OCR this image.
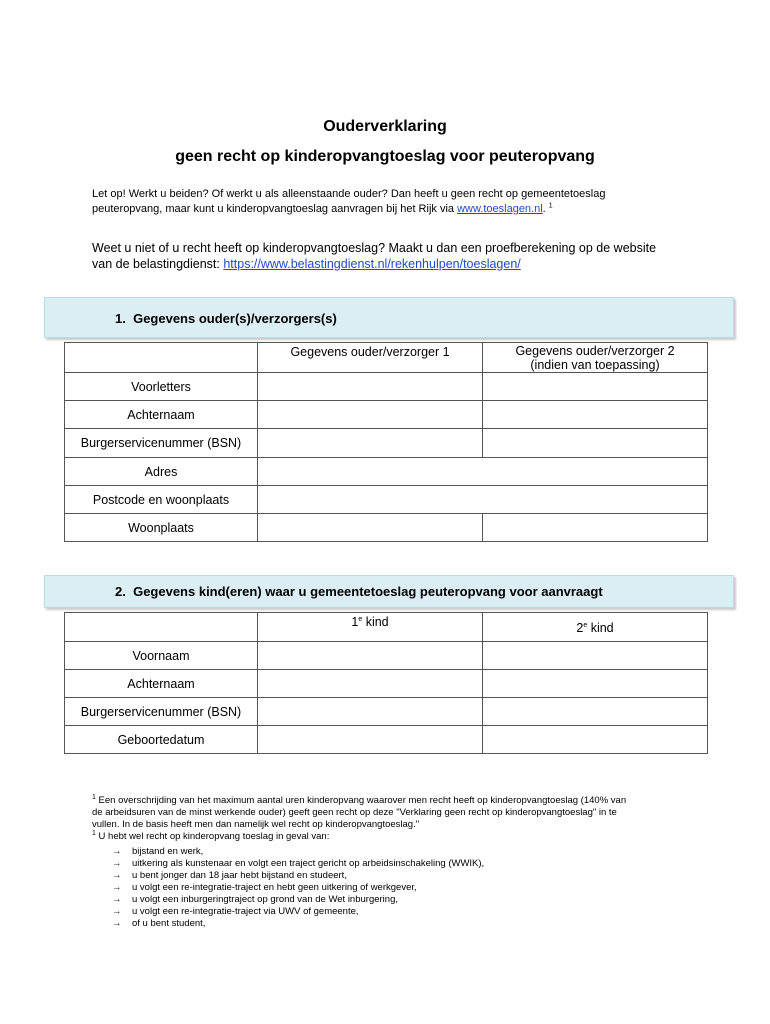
Ouderverklaring
geen recht op kinderopvangtoeslag voor peuteropvang
Let op! Werkt u beiden? Of werkt u als alleenstaande ouder? Dan heeft u geen recht op gemeentetoeslag
peuteropvang, maar kunt u kinderopvangtoeslag aanvragen bij het Rijk via www.toeslagen.nl. $^1$
Weet u niet of u recht heeft op kinderopvangtoeslag? Maakt u dan een proefberekening op de website
van de belastingdienst: https://www.belastingdienst.nl/rekenhulpen/toeslagen/
1. Gegevens ouder(s)/verzorgers(s)
	Gegevens ouder/verzorger 1	Gegevens ouder/verzorger 2
(indien van toepassing)

Voorletters		
Achternaam		
Burgerservicenummer (BSN)		
Adres		
Postcode en woonplaats		
Woonplaats		
2. Gegevens kind(eren) waar u gemeentetoeslag peuteropvang voor aanvraagt
	1e kind	2e kind
Voornaam		
Achternaam		
Burgerservicenummer (BSN)		
Geboortedatum		
$^1$ Een overschrijding van het maximum aantal uren kinderopvang waarover men recht heeft op kinderopvangtoeslag (140% van
de arbeidsuren van de minst werkende ouder) geeft geen recht op deze "Verklaring geen recht op kinderopvangtoeslag" in te
vullen. In de basis heeft men dan namelijk wel recht op kinderopvangtoeslag."
$^1$ U hebt wel recht op kinderopvang toeslag in geval van:
→ bijstand en werk,
→ uitkering als kunstenaar en volgt een traject gericht op arbeidsinschakeling (WWIK),
→ u bent jonger dan 18 jaar hebt bijstand en studeert,
→ u volgt een re-integratie-traject en hebt geen uitkering of werkgever,
→ u volgt een inburgeringtraject op grond van de Wet inburgering,
→ u volgt een re-integratie-traject via UWV of gemeente,
→ of u bent student,
